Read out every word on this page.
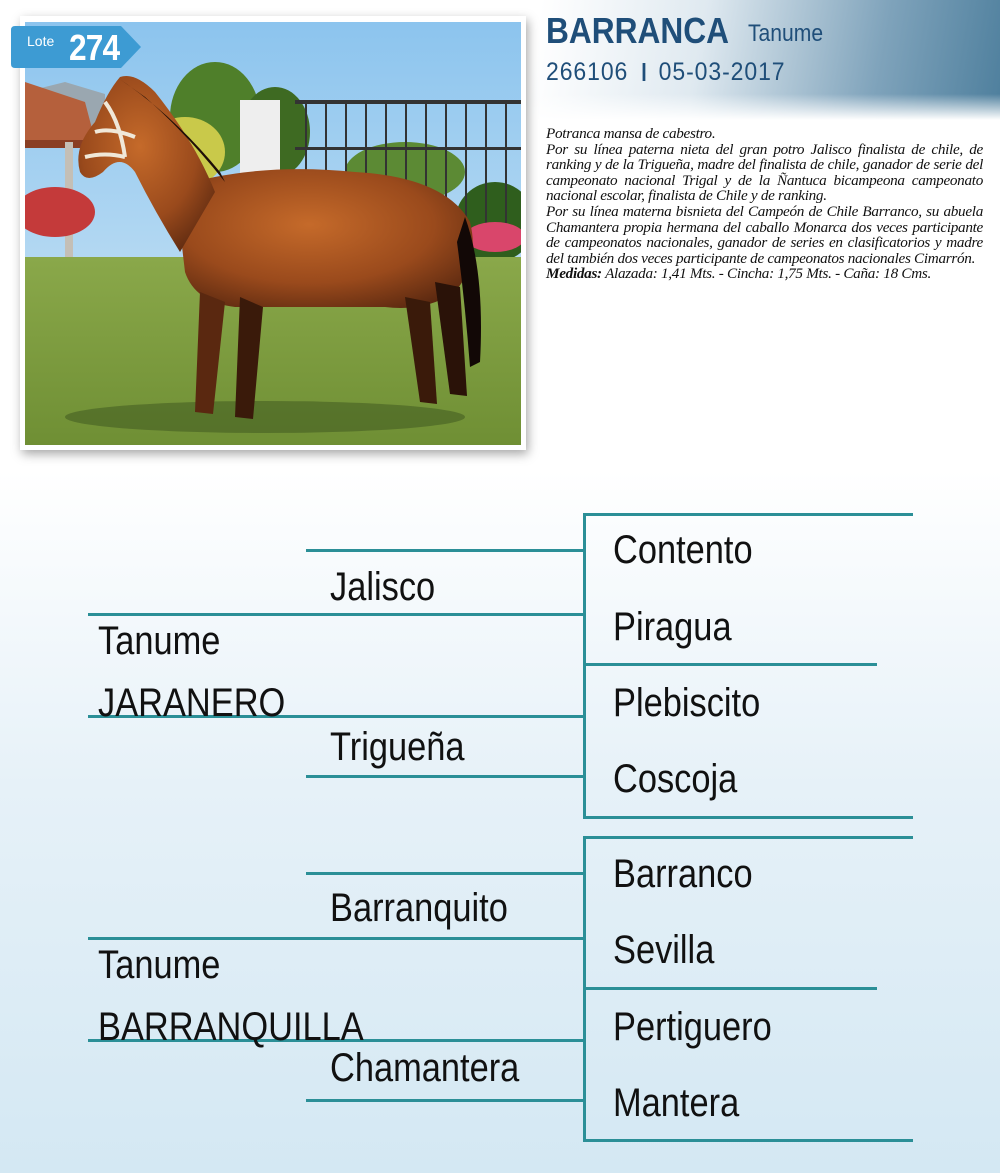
Lote 274	BARRANCA Tanume
266106 05-03-2017

Potranca mansa de cabestro.

Por su línea paterna nieta del gran potro Jalisco finalista de chile, de ranking y de la Trigueña, madre del finalista de chile, ganador de serie del campeonato nacional Trigal y de la Ñantuca bicampeona campeonato nacional escolar, finalista de Chile y de ranking.

Por su línea materna bisnieta del Campeón de Chile Barranco, su abuela Chamantera propia hermana del caballo Monarca dos veces participante de campeonatos nacionales, ganador de series en clasificatorios y madre del también dos veces participante de campeonatos nacionales Cimarrón.

Medidas: Alazada: 1,41 Mts. - Cincha: 1,75 Mts. - Caña: 18 Cms.

Tanume
JARANERO
Jalisco
Trigueña
Contento
Piragua
Plebiscito
Coscoja
Tanume
BARRANQUILLA
Barranquito
Chamantera
Barranco
Sevilla
Pertiguero
Mantera
